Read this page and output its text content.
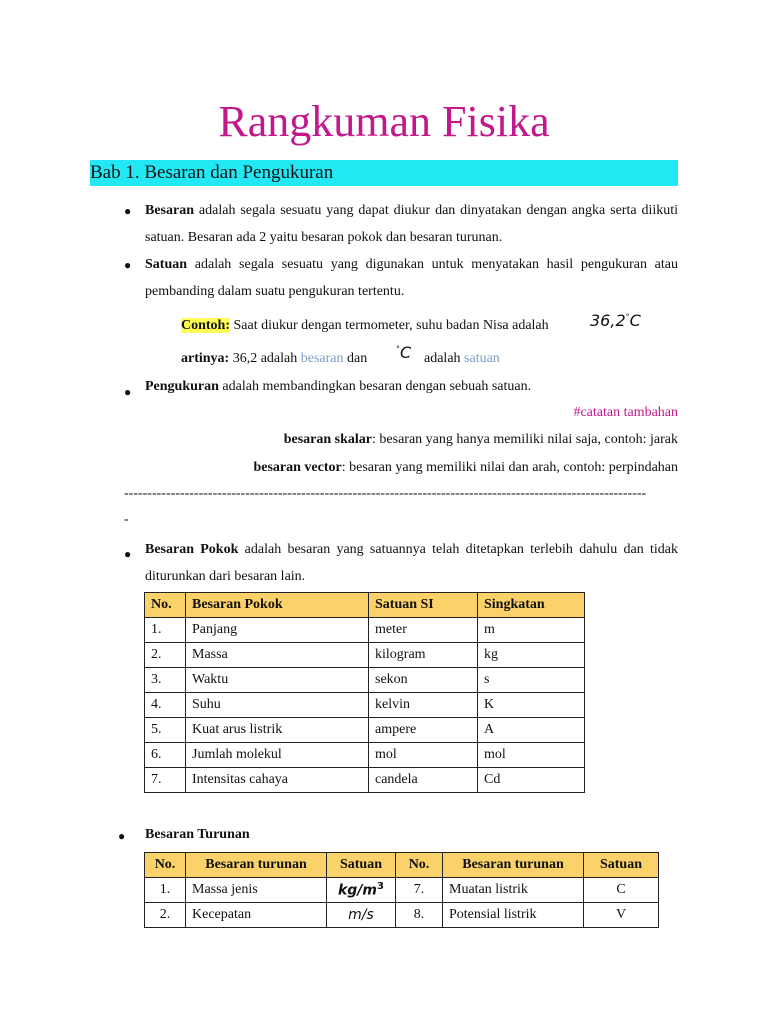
Rangkuman Fisika
Bab 1. Besaran dan Pengukuran
● Besaran adalah segala sesuatu yang dapat diukur dan dinyatakan dengan angka serta diikuti satuan. Besaran ada 2 yaitu besaran pokok dan besaran turunan.
● Satuan adalah segala sesuatu yang digunakan untuk menyatakan hasil pengukuran atau pembanding dalam suatu pengukuran tertentu.
Contoh: Saat diukur dengan termometer, suhu badan Nisa adalah	36,2°C
artinya: 36,2 adalah besaran dan
°C adalah satuan
● Pengukuran adalah membandingkan besaran dengan sebuah satuan.
#catatan tambahan
besaran skalar: besaran yang hanya memiliki nilai saja, contoh: jarak
besaran vector: besaran yang memiliki nilai dan arah, contoh: perpindahan
----------------------------------------------------------------------------------------------------------------
-
● Besaran Pokok adalah besaran yang satuannya telah ditetapkan terlebih dahulu dan tidak diturunkan dari besaran lain.
No.	Besaran Pokok	Satuan SI	Singkatan
1.	Panjang	meter	m
2.	Massa	kilogram	kg
3.	Waktu	sekon	s
4.	Suhu	kelvin	K
5.	Kuat arus listrik	ampere	A
6.	Jumlah molekul	mol	mol
7.	Intensitas cahaya	candela	Cd
● Besaran Turunan
No.	Besaran turunan	Satuan	No.	Besaran turunan	Satuan
1.	Massa jenis	$kg/m^3$	7.	Muatan listrik	C
2.	Kecepatan	m/s	8.	Potensial listrik	V
